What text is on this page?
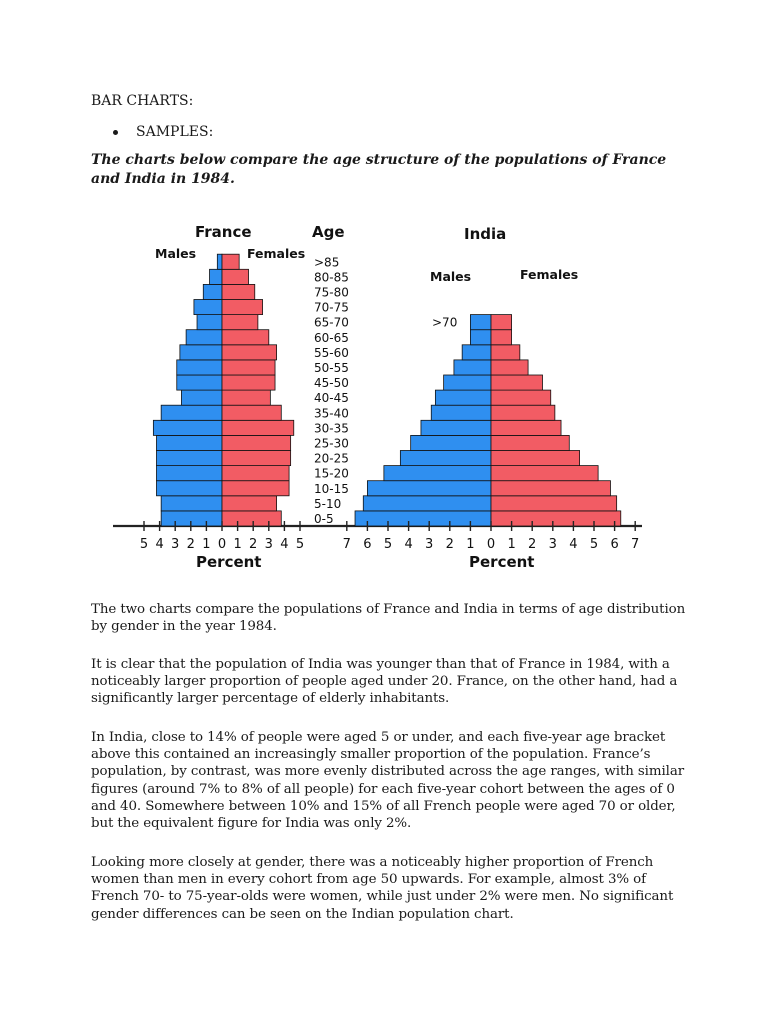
BAR CHARTS:
SAMPLES:
The charts below compare the age structure of the populations of France and India in 1984.
0-5
5-10
10-15
15-20
20-25
25-30
30-35
35-40
40-45
45-50
50-55
55-60
60-65
65-70
70-75
75-80
80-85
>85
>70
France	Age
Males	Females
India
Males	Females
5 4 3 2 1 0 1 2 3 4 5	7 6 5 4 3 2 1 0 1 2 3 4 5 6 7
Percent	Percent

The two charts compare the populations of France and India in terms of age distribution by gender in the year 1984.

It is clear that the population of India was younger than that of France in 1984, with a noticeably larger proportion of people aged under 20. France, on the other hand, had a significantly larger percentage of elderly inhabitants.

In India, close to 14% of people were aged 5 or under, and each five-year age bracket above this contained an increasingly smaller proportion of the population. France’s population, by contrast, was more evenly distributed across the age ranges, with similar figures (around 7% to 8% of all people) for each five-year cohort between the ages of 0 and 40. Somewhere between 10% and 15% of all French people were aged 70 or older, but the equivalent figure for India was only 2%.

Looking more closely at gender, there was a noticeably higher proportion of French women than men in every cohort from age 50 upwards. For example, almost 3% of French 70- to 75-year-olds were women, while just under 2% were men. No significant gender differences can be seen on the Indian population chart.
